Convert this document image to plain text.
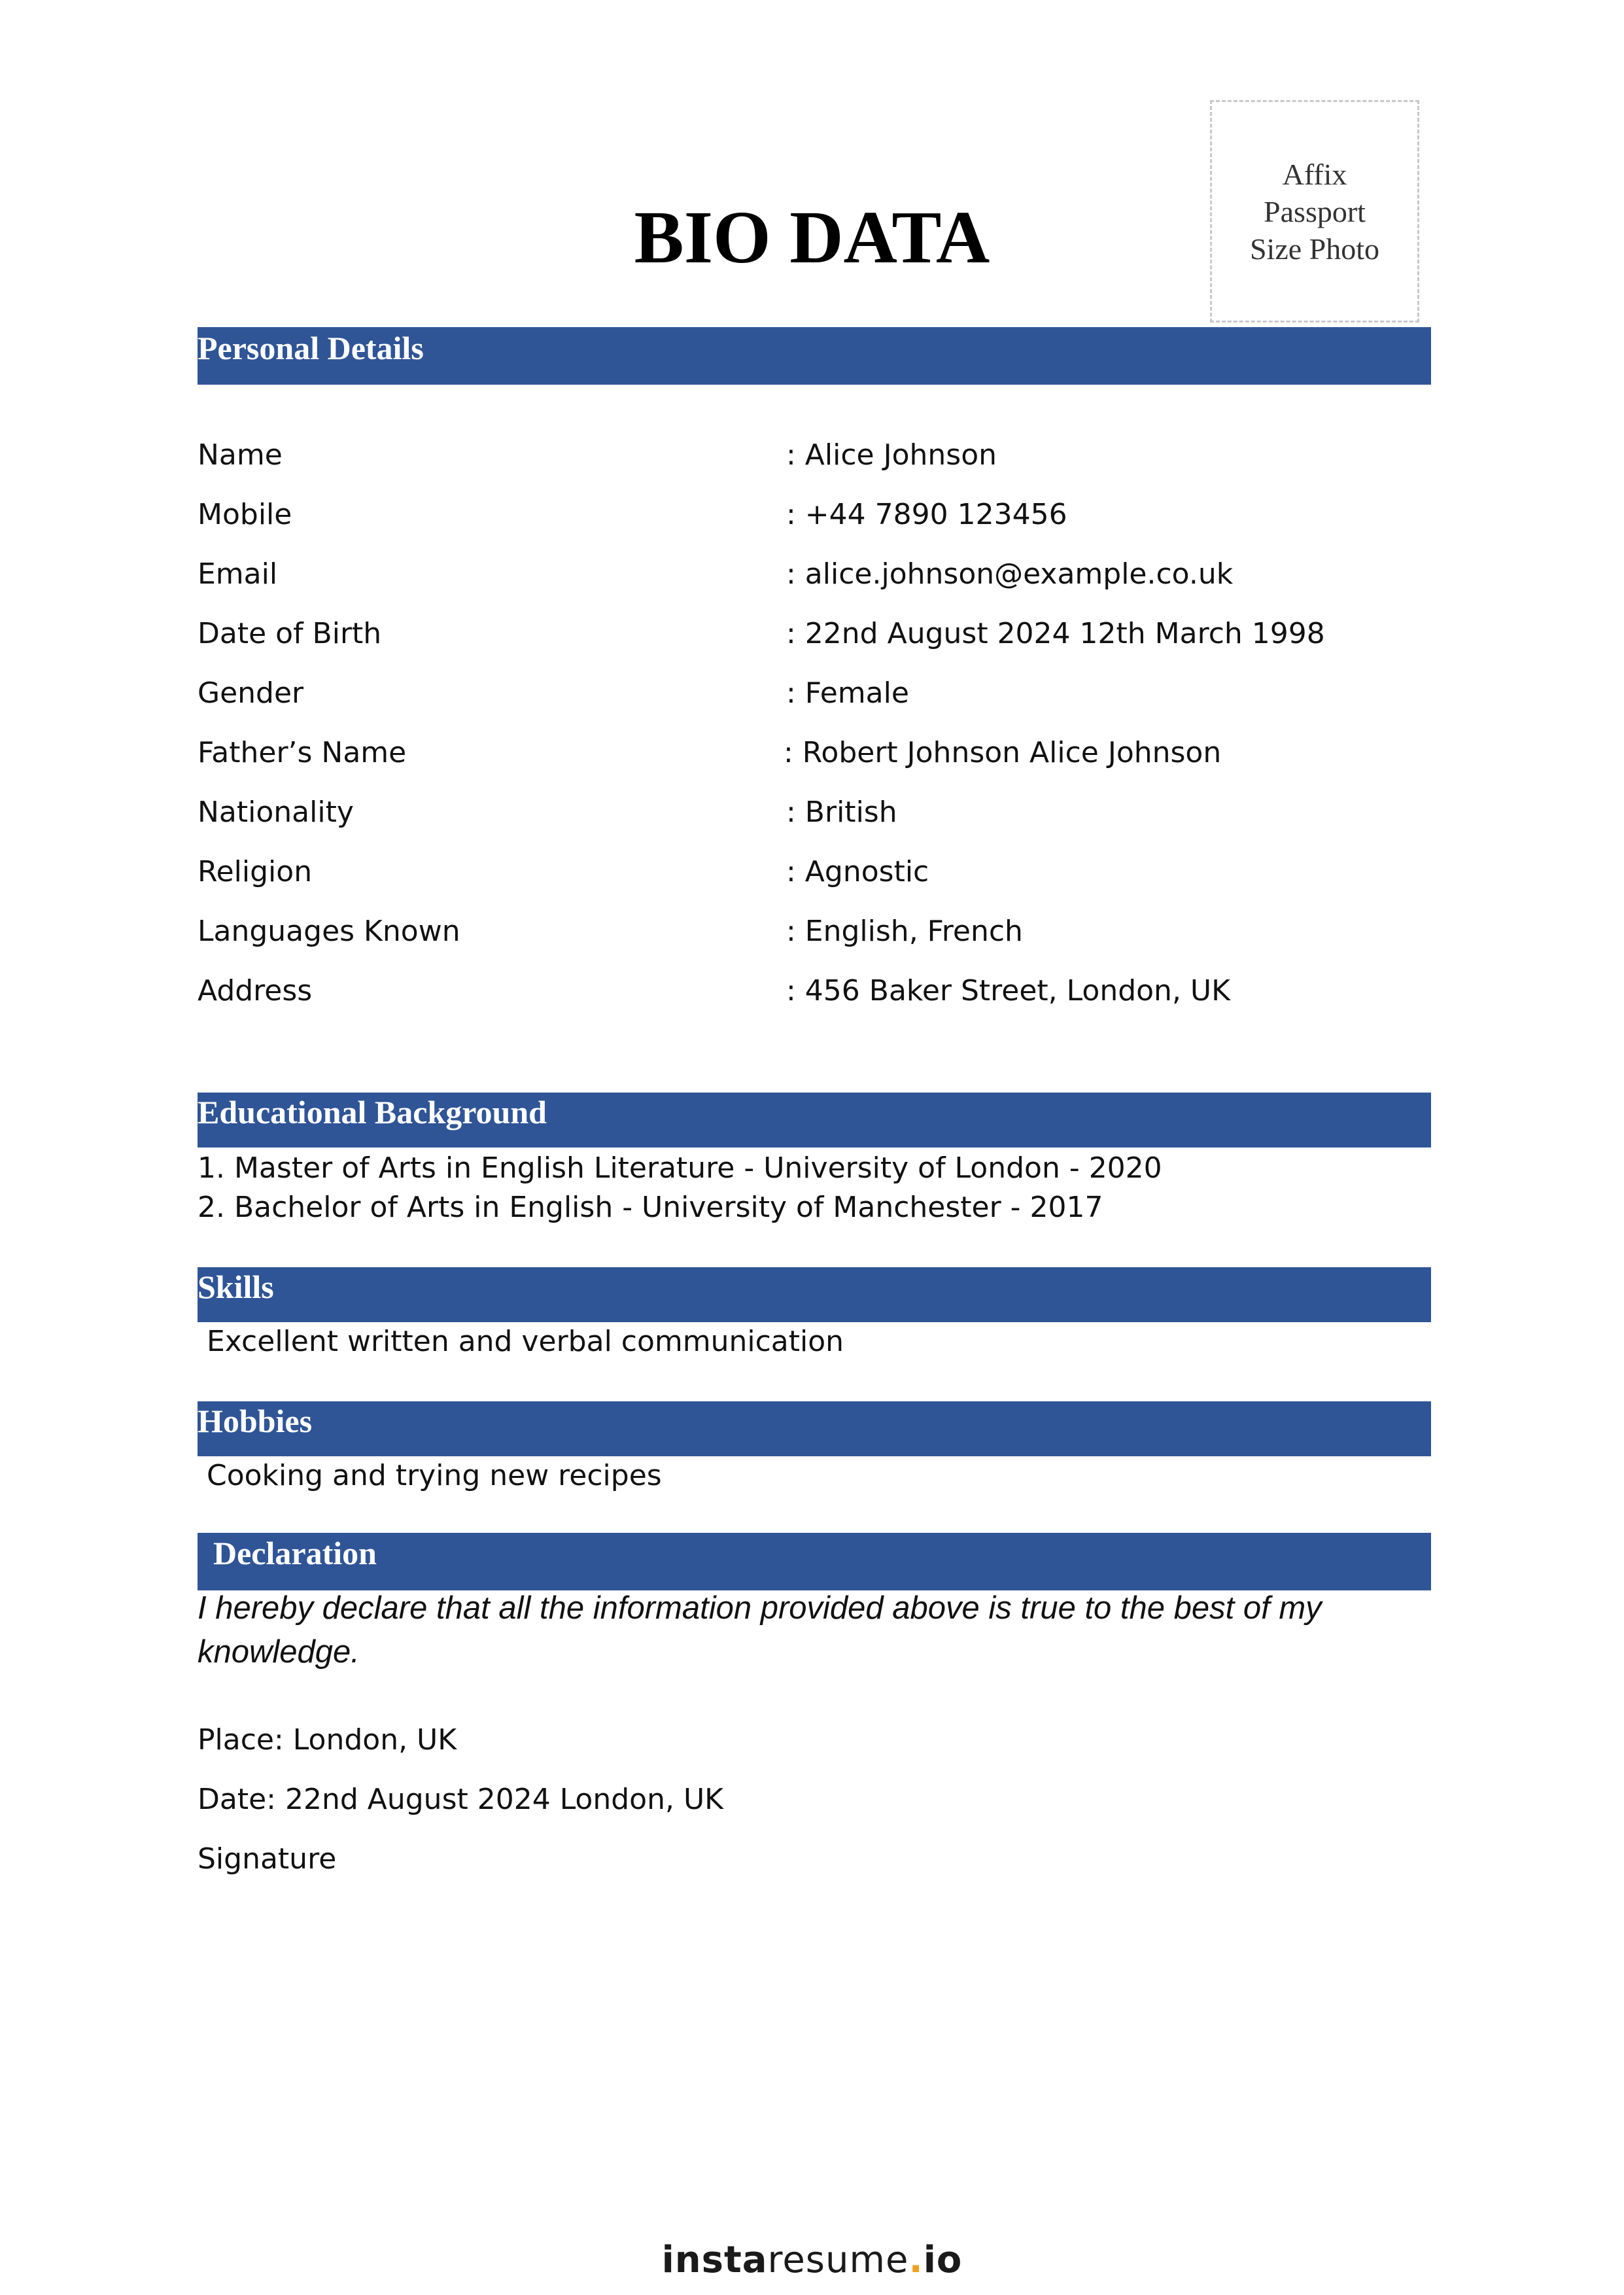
Affix
Passport
Size Photo
BIO DATA
Personal Details
Name	: Alice Johnson
Mobile	: +44 7890 123456
Email	: alice.johnson@example.co.uk
Date of Birth	: 22nd August 2024 12th March 1998
Gender	: Female
Father’s Name	: Robert Johnson Alice Johnson
Nationality	: British
Religion	: Agnostic
Languages Known	: English, French
Address	: 456 Baker Street, London, UK
Educational Background
1. Master of Arts in English Literature - University of London - 2020
2. Bachelor of Arts in English - University of Manchester - 2017
Skills
Excellent written and verbal communication
Hobbies
Cooking and trying new recipes
Declaration
I hereby declare that all the information provided above is true to the best of my knowledge.
Place: London, UK
Date: 22nd August 2024 London, UK
Signature
instaresume.io
